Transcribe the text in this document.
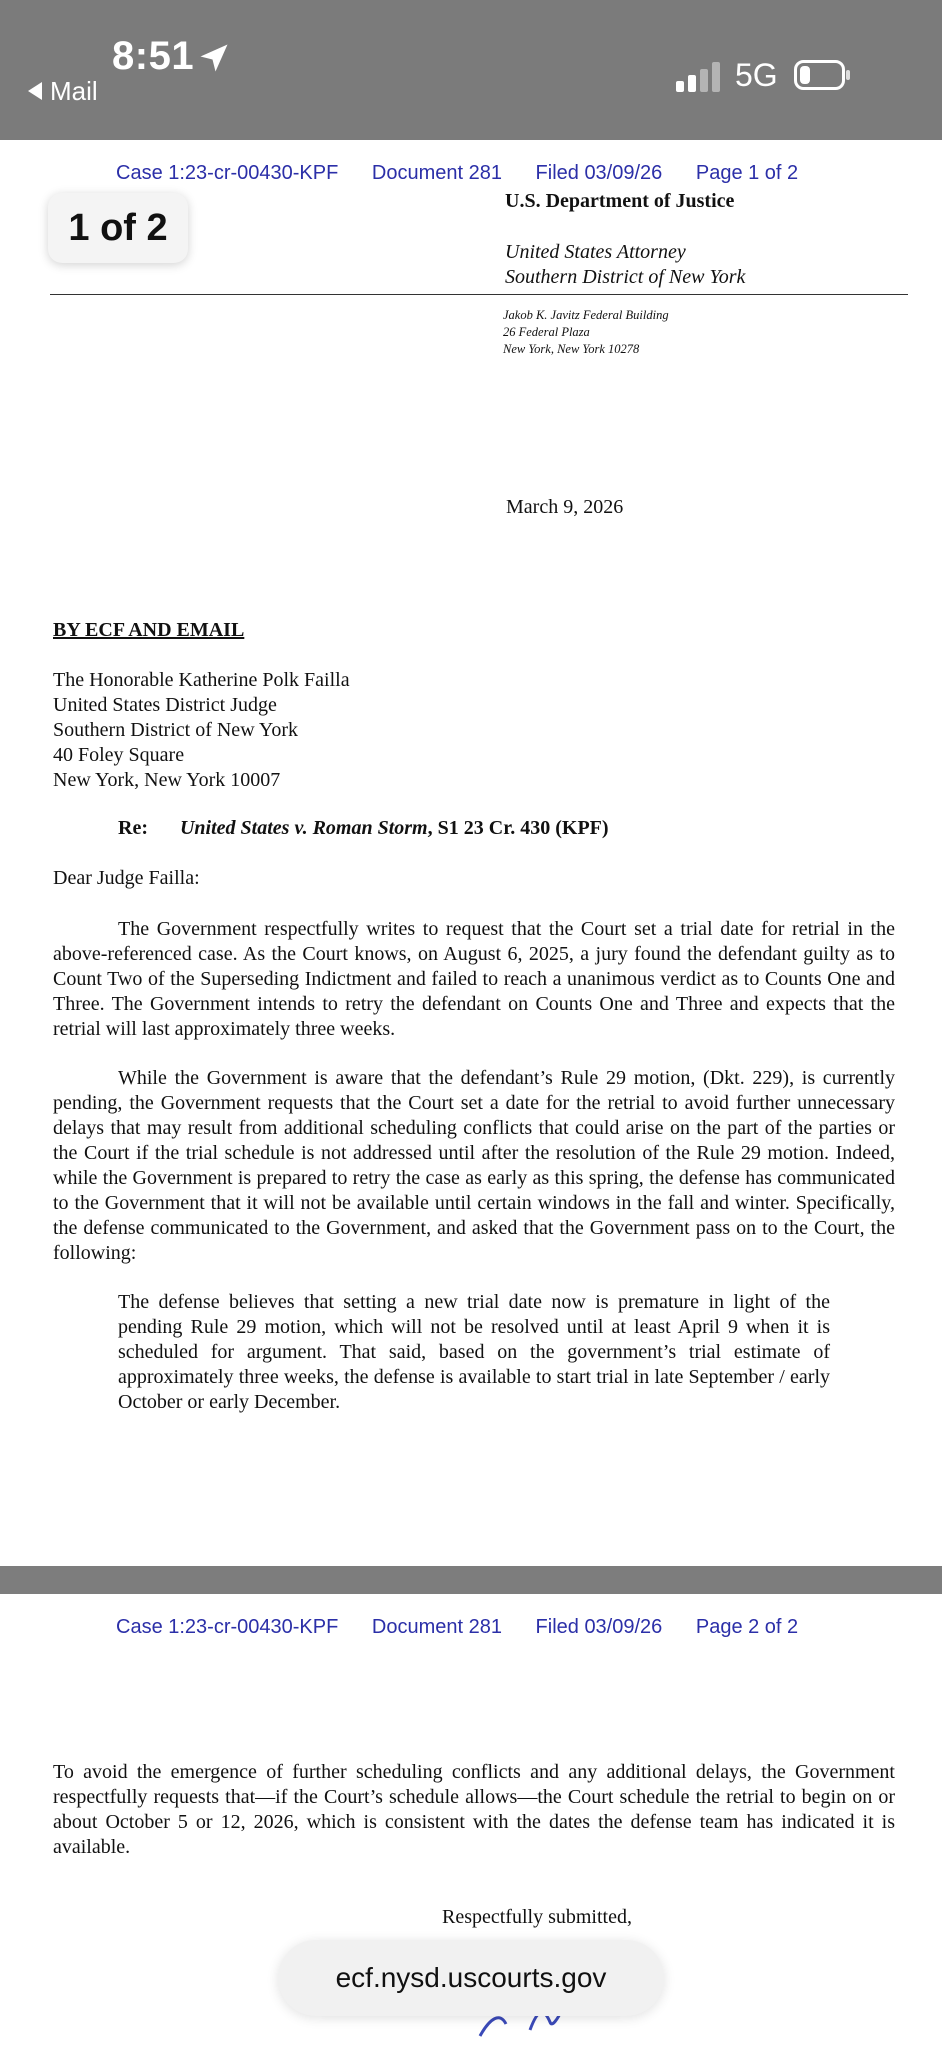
8:51
Mail	5G
Case 1:23-cr-00430-KPF Document 281 Filed 03/09/26 Page 1 of 2
1 of 2
U.S. Department of Justice
United States Attorney
Southern District of New York
Jakob K. Javitz Federal Building
26 Federal Plaza
New York, New York 10278
March 9, 2026
BY ECF AND EMAIL
The Honorable Katherine Polk Failla
United States District Judge
Southern District of New York
40 Foley Square
New York, New York 10007
Re: United States v. Roman Storm, S1 23 Cr. 430 (KPF)
Dear Judge Failla:
The Government respectfully writes to request that the Court set a trial date for retrial in the above-referenced case. As the Court knows, on August 6, 2025, a jury found the defendant guilty as to Count Two of the Superseding Indictment and failed to reach a unanimous verdict as to Counts One and Three. The Government intends to retry the defendant on Counts One and Three and expects that the retrial will last approximately three weeks.
While the Government is aware that the defendant’s Rule 29 motion, (Dkt. 229), is currently pending, the Government requests that the Court set a date for the retrial to avoid further unnecessary delays that may result from additional scheduling conflicts that could arise on the part of the parties or the Court if the trial schedule is not addressed until after the resolution of the Rule 29 motion. Indeed, while the Government is prepared to retry the case as early as this spring, the defense has communicated to the Government that it will not be available until certain windows in the fall and winter. Specifically, the defense communicated to the Government, and asked that the Government pass on to the Court, the following:
The defense believes that setting a new trial date now is premature in light of the pending Rule 29 motion, which will not be resolved until at least April 9 when it is scheduled for argument. That said, based on the government’s trial estimate of approximately three weeks, the defense is available to start trial in late September / early October or early December.
Case 1:23-cr-00430-KPF Document 281 Filed 03/09/26 Page 2 of 2
To avoid the emergence of further scheduling conflicts and any additional delays, the Government respectfully requests that—if the Court’s schedule allows—the Court schedule the retrial to begin on or about October 5 or 12, 2026, which is consistent with the dates the defense team has indicated it is available.
Respectfully submitted,
ecf.nysd.uscourts.gov
